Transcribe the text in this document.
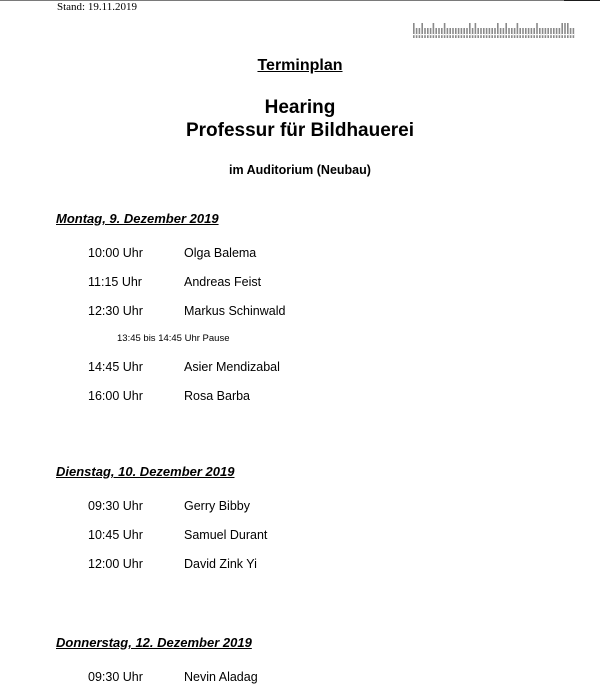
Stand: 19.11.2019
Terminplan
Hearing
Professur für Bildhauerei
im Auditorium (Neubau)
Montag, 9. Dezember 2019
10:00 Uhr	Olga Balema
11:15 Uhr	Andreas Feist
12:30 Uhr	Markus Schinwald
13:45 bis 14:45 Uhr Pause
14:45 Uhr	Asier Mendizabal
16:00 Uhr	Rosa Barba
Dienstag, 10. Dezember 2019
09:30 Uhr	Gerry Bibby
10:45 Uhr	Samuel Durant
12:00 Uhr	David Zink Yi
Donnerstag, 12. Dezember 2019
09:30 Uhr	Nevin Aladag
